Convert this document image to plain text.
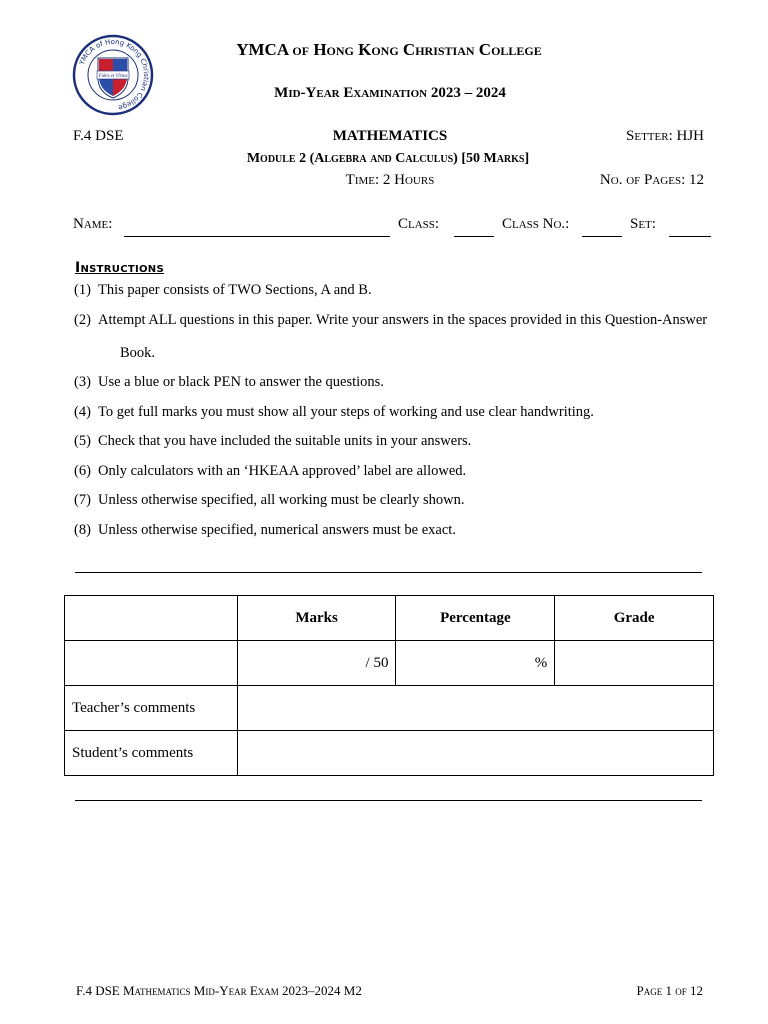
YMCA of Hong Kong Christian College
Fides et Virtus
YMCA of Hong Kong Christian College
Mid-Year Examination 2023 – 2024
F.4 DSE	MATHEMATICS	Setter: HJH
Module 2 (Algebra and Calculus) [50 Marks]
Time: 2 Hours	No. of Pages: 12
Name:	Class:	Class No.:	Set:
Instructions
(1) This paper consists of TWO Sections, A and B.
(2) Attempt ALL questions in this paper. Write your answers in the spaces provided in this Question-Answer
Book.
(3) Use a blue or black PEN to answer the questions.
(4) To get full marks you must show all your steps of working and use clear handwriting.
(5) Check that you have included the suitable units in your answers.
(6) Only calculators with an ‘HKEAA approved’ label are allowed.
(7) Unless otherwise specified, all working must be clearly shown.
(8) Unless otherwise specified, numerical answers must be exact.
	Marks	Percentage	Grade
	/ 50	%	
Teacher’s comments			
Student’s comments			
F.4 DSE Mathematics Mid-Year Exam 2023–2024 M2	Page 1 of 12
